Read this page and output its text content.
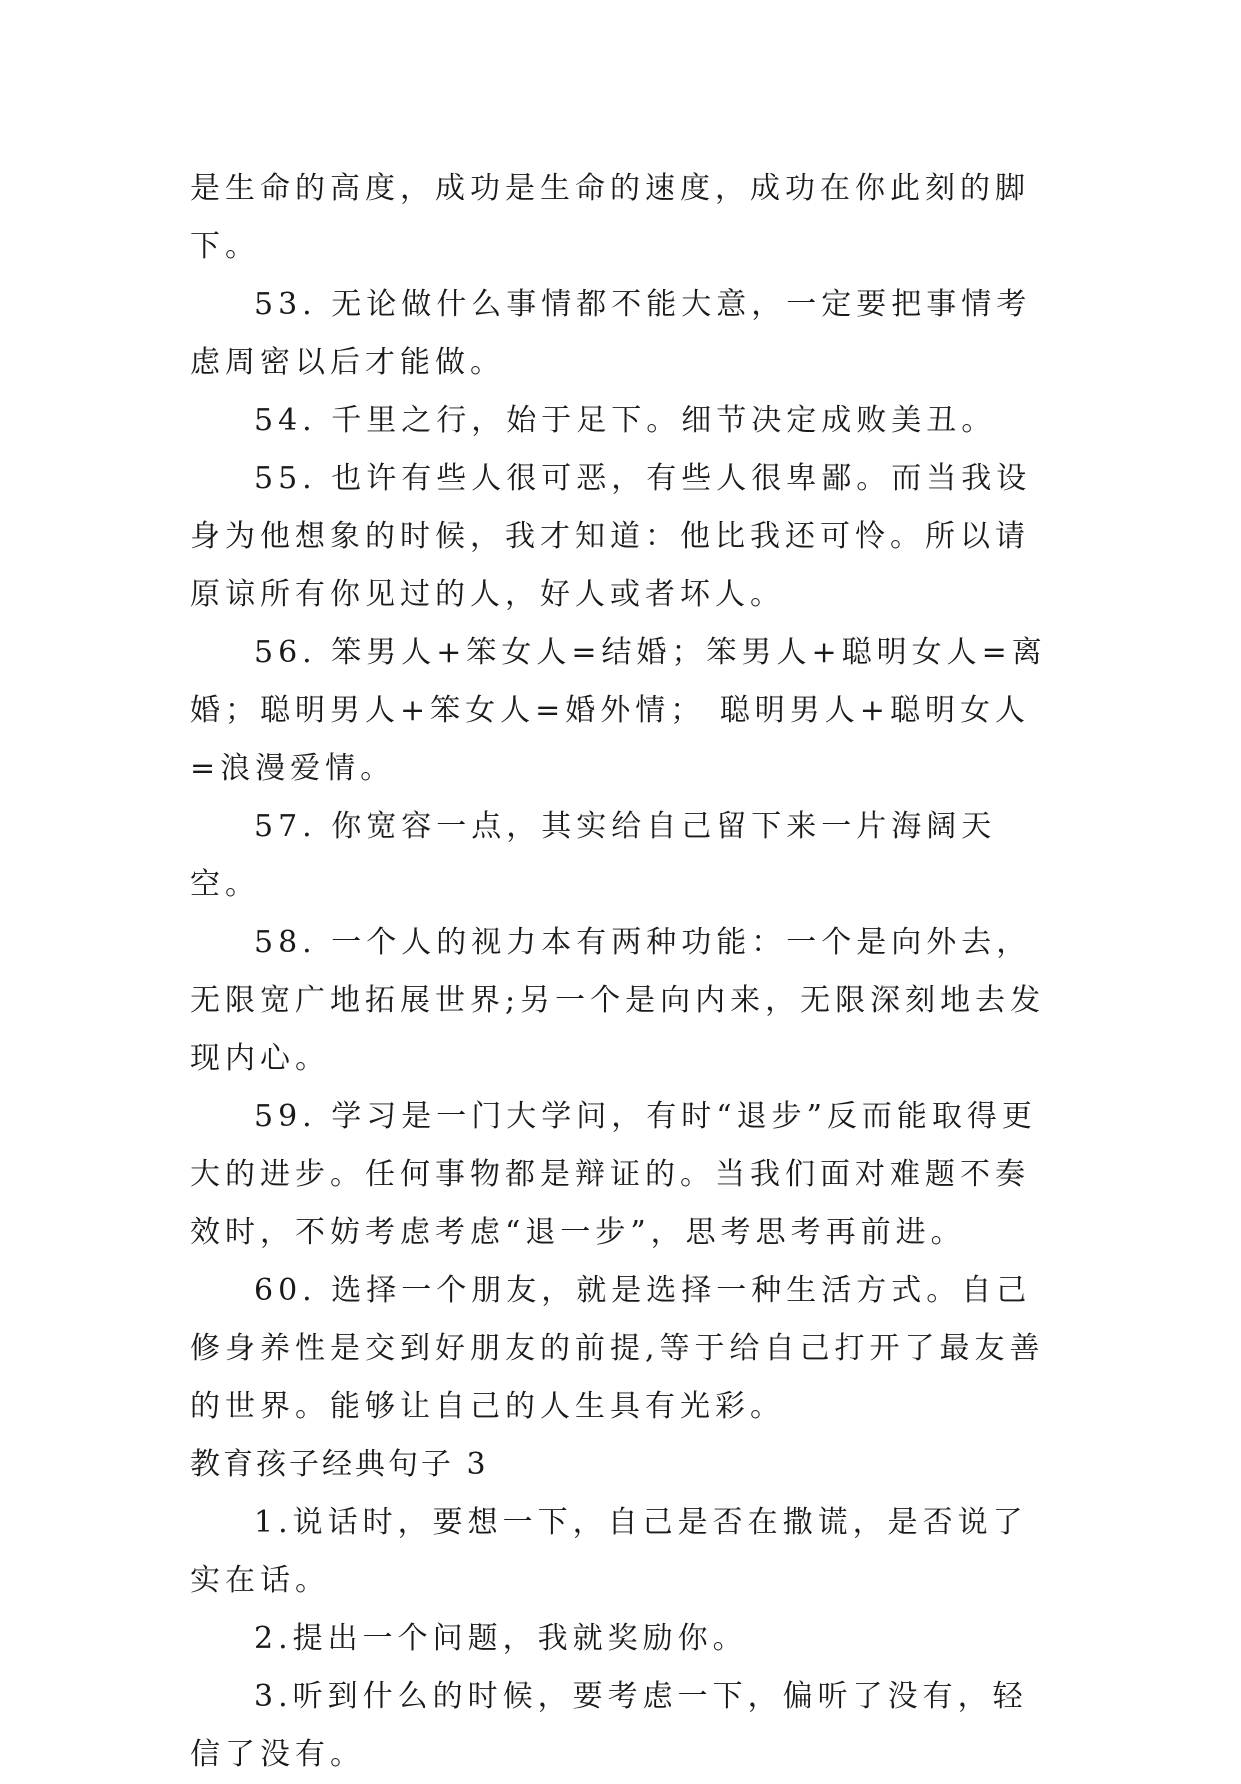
是生命的高度，成功是生命的速度，成功在你此刻的脚下。

53. 无论做什么事情都不能大意，一定要把事情考虑周密以后才能做。

54. 千里之行，始于足下。细节决定成败美丑。

55. 也许有些人很可恶，有些人很卑鄙。而当我设身为他想象的时候，我才知道：他比我还可怜。所以请原谅所有你见过的人，好人或者坏人。

56. 笨男人+笨女人=结婚；笨男人+聪明女人=离婚；聪明男人+笨女人=婚外情； 聪明男人+聪明女人=浪漫爱情。

57. 你宽容一点，其实给自己留下来一片海阔天空。

58. 一个人的视力本有两种功能：一个是向外去，无限宽广地拓展世界;另一个是向内来，无限深刻地去发现内心。

59. 学习是一门大学问，有时“退步”反而能取得更大的进步。任何事物都是辩证的。当我们面对难题不奏效时，不妨考虑考虑“退一步”，思考思考再前进。

60. 选择一个朋友，就是选择一种生活方式。自己修身养性是交到好朋友的前提,等于给自己打开了最友善的世界。能够让自己的人生具有光彩。

教育孩子经典句子 3

1.说话时，要想一下，自己是否在撒谎，是否说了实在话。

2.提出一个问题，我就奖励你。

3.听到什么的时候，要考虑一下，偏听了没有，轻信了没有。
